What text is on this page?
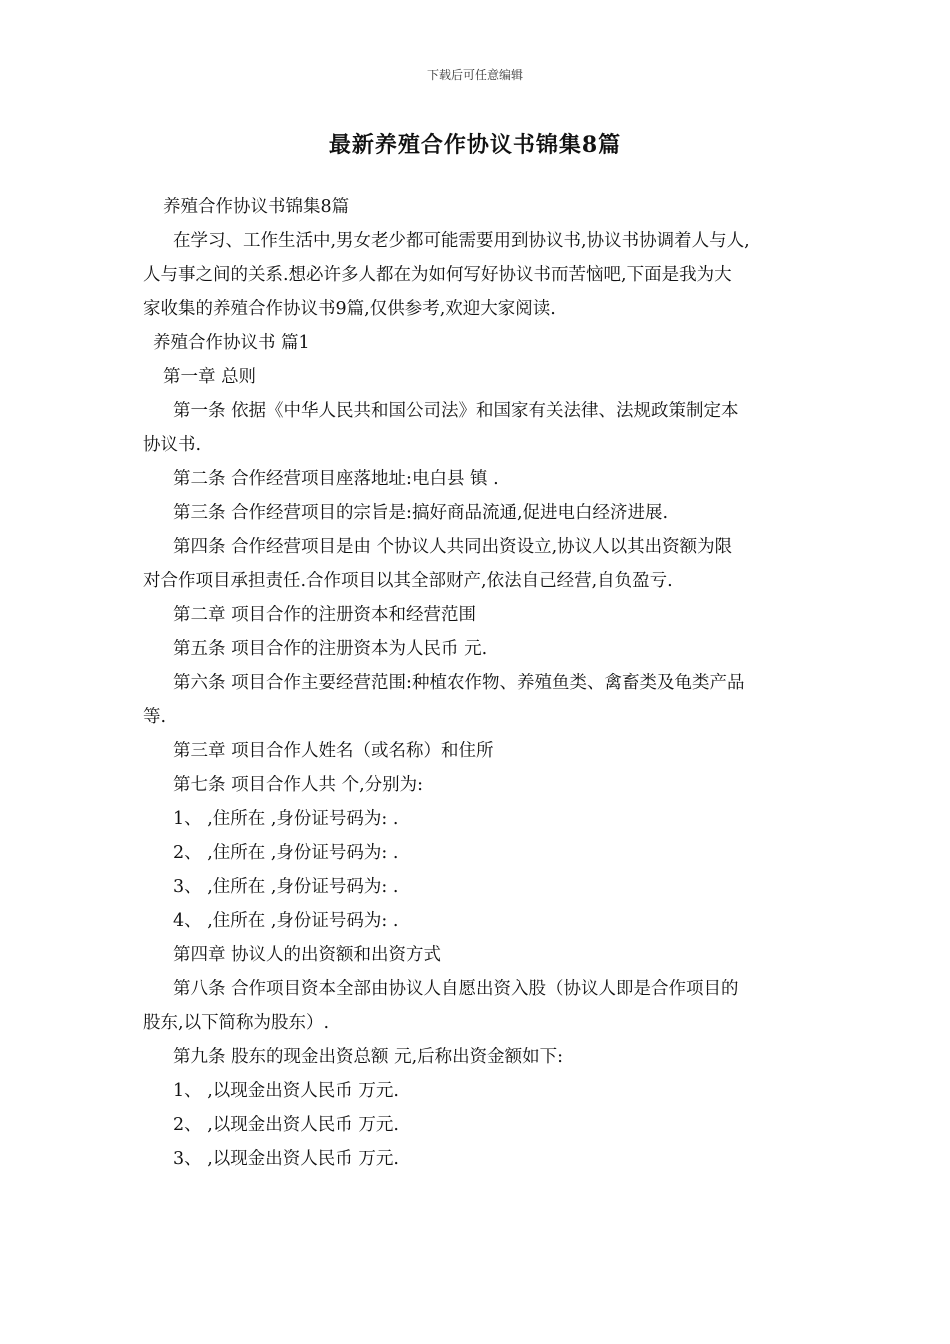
下载后可任意编辑
最新养殖合作协议书锦集8篇
养殖合作协议书锦集8篇
在学习、工作生活中,男女老少都可能需要用到协议书,协议书协调着人与人,
人与事之间的关系.想必许多人都在为如何写好协议书而苦恼吧,下面是我为大
家收集的养殖合作协议书9篇,仅供参考,欢迎大家阅读.
养殖合作协议书 篇1
第一章 总则
第一条 依据《中华人民共和国公司法》和国家有关法律、法规政策制定本
协议书.
第二条 合作经营项目座落地址:电白县 镇 .
第三条 合作经营项目的宗旨是:搞好商品流通,促进电白经济进展.
第四条 合作经营项目是由 个协议人共同出资设立,协议人以其出资额为限
对合作项目承担责任.合作项目以其全部财产,依法自己经营,自负盈亏.
第二章 项目合作的注册资本和经营范围
第五条 项目合作的注册资本为人民币 元.
第六条 项目合作主要经营范围:种植农作物、养殖鱼类、禽畜类及龟类产品
等.
第三章 项目合作人姓名（或名称）和住所
第七条 项目合作人共 个,分别为:
1、 ,住所在 ,身份证号码为: .
2、 ,住所在 ,身份证号码为: .
3、 ,住所在 ,身份证号码为: .
4、 ,住所在 ,身份证号码为: .
第四章 协议人的出资额和出资方式
第八条 合作项目资本全部由协议人自愿出资入股（协议人即是合作项目的
股东,以下简称为股东）.
第九条 股东的现金出资总额 元,后称出资金额如下:
1、 ,以现金出资人民币 万元.
2、 ,以现金出资人民币 万元.
3、 ,以现金出资人民币 万元.
